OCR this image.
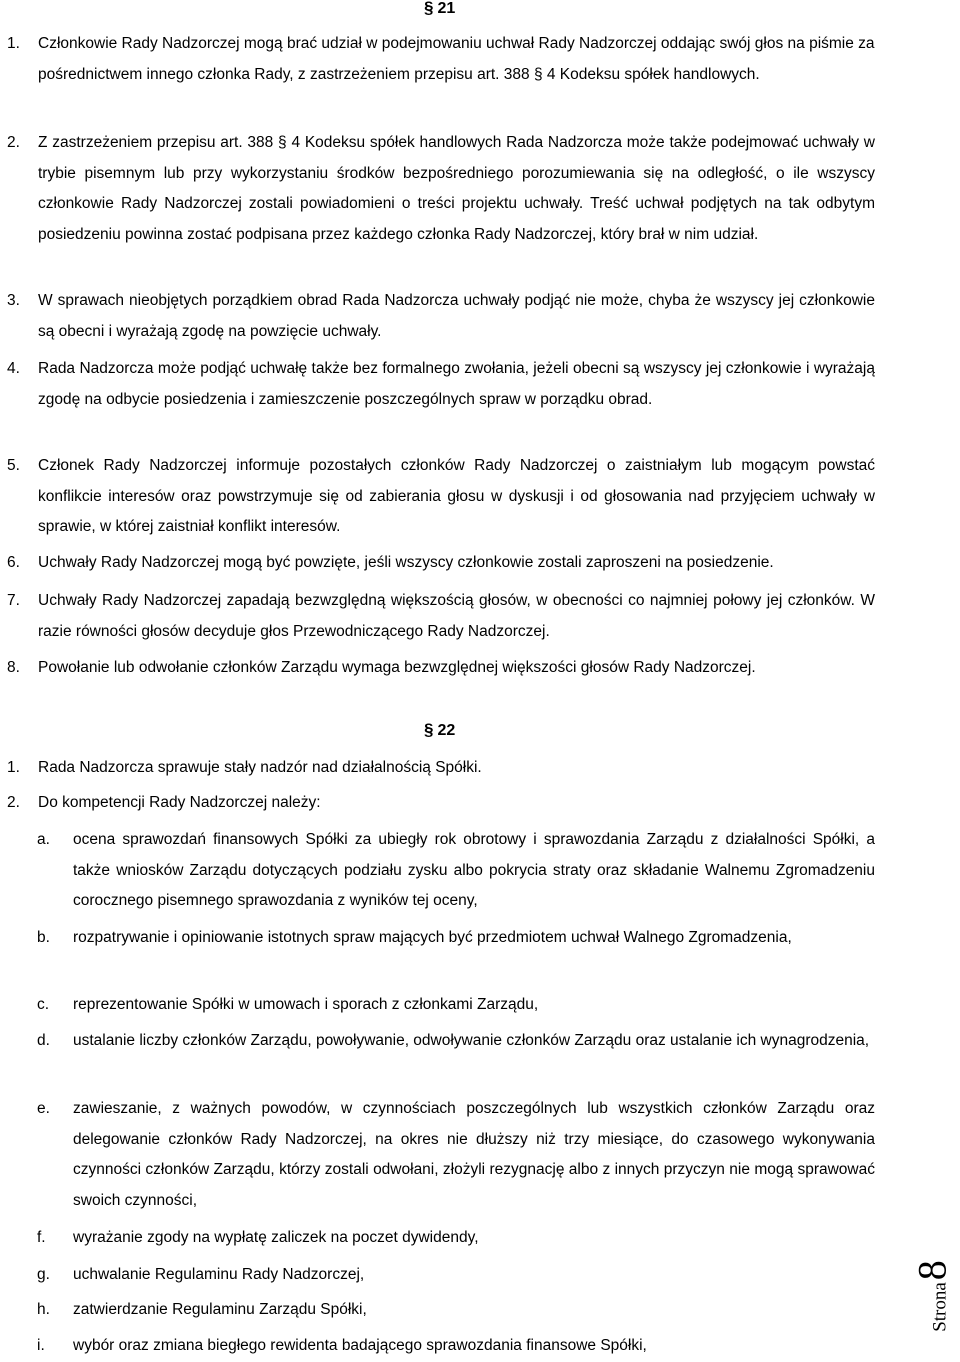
§ 21
1. Członkowie Rady Nadzorczej mogą brać udział w podejmowaniu uchwał Rady Nadzorczej oddając swój głos na piśmie za pośrednictwem innego członka Rady, z zastrzeżeniem przepisu art. 388 § 4 Kodeksu spółek handlowych.
2. Z zastrzeżeniem przepisu art. 388 § 4 Kodeksu spółek handlowych Rada Nadzorcza może także podejmować uchwały w trybie pisemnym lub przy wykorzystaniu środków bezpośredniego porozumiewania się na odległość, o ile wszyscy członkowie Rady Nadzorczej zostali powiadomieni o treści projektu uchwały. Treść uchwał podjętych na tak odbytym posiedzeniu powinna zostać podpisana przez każdego członka Rady Nadzorczej, który brał w nim udział.
3. W sprawach nieobjętych porządkiem obrad Rada Nadzorcza uchwały podjąć nie może, chyba że wszyscy jej członkowie są obecni i wyrażają zgodę na powzięcie uchwały.
4. Rada Nadzorcza może podjąć uchwałę także bez formalnego zwołania, jeżeli obecni są wszyscy jej członkowie i wyrażają zgodę na odbycie posiedzenia i zamieszczenie poszczególnych spraw w porządku obrad.
5. Członek Rady Nadzorczej informuje pozostałych członków Rady Nadzorczej o zaistniałym lub mogącym powstać konflikcie interesów oraz powstrzymuje się od zabierania głosu w dyskusji i od głosowania nad przyjęciem uchwały w sprawie, w której zaistniał konflikt interesów.
6. Uchwały Rady Nadzorczej mogą być powzięte, jeśli wszyscy członkowie zostali zaproszeni na posiedzenie.
7. Uchwały Rady Nadzorczej zapadają bezwzględną większością głosów, w obecności co najmniej połowy jej członków. W razie równości głosów decyduje głos Przewodniczącego Rady Nadzorczej.
8. Powołanie lub odwołanie członków Zarządu wymaga bezwzględnej większości głosów Rady Nadzorczej.
§ 22
1. Rada Nadzorcza sprawuje stały nadzór nad działalnością Spółki.
2. Do kompetencji Rady Nadzorczej należy:
a. ocena sprawozdań finansowych Spółki za ubiegły rok obrotowy i sprawozdania Zarządu z działalności Spółki, a także wniosków Zarządu dotyczących podziału zysku albo pokrycia straty oraz składanie Walnemu Zgromadzeniu corocznego pisemnego sprawozdania z wyników tej oceny,
b. rozpatrywanie i opiniowanie istotnych spraw mających być przedmiotem uchwał Walnego Zgromadzenia,
c. reprezentowanie Spółki w umowach i sporach z członkami Zarządu,
d. ustalanie liczby członków Zarządu, powoływanie, odwoływanie członków Zarządu oraz ustalanie ich wynagrodzenia,
e. zawieszanie, z ważnych powodów, w czynnościach poszczególnych lub wszystkich członków Zarządu oraz delegowanie członków Rady Nadzorczej, na okres nie dłuższy niż trzy miesiące, do czasowego wykonywania czynności członków Zarządu, którzy zostali odwołani, złożyli rezygnację albo z innych przyczyn nie mogą sprawować swoich czynności,
f. wyrażanie zgody na wypłatę zaliczek na poczet dywidendy,
g. uchwalanie Regulaminu Rady Nadzorczej,
h. zatwierdzanie Regulaminu Zarządu Spółki,
i. wybór oraz zmiana biegłego rewidenta badającego sprawozdania finansowe Spółki,
Strona8
